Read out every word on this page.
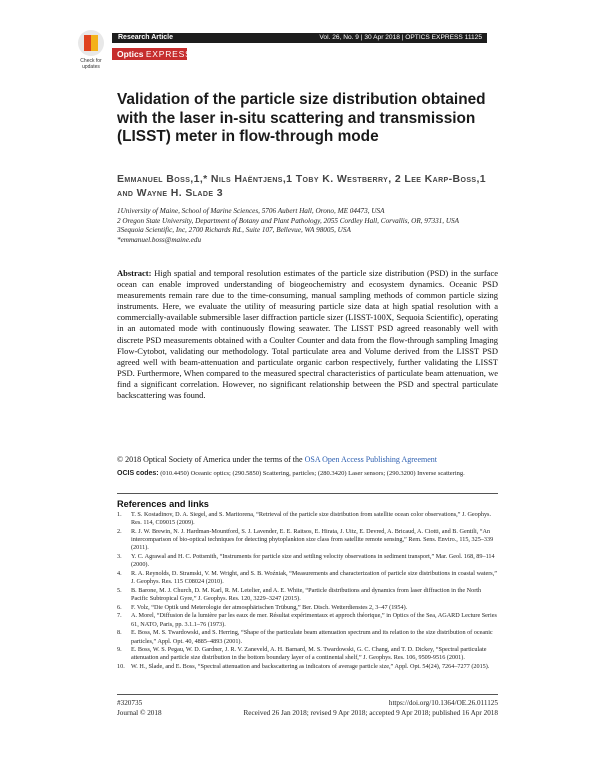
Check for updates
Research Article	Vol. 26, No. 9 | 30 Apr 2018 | OPTICS EXPRESS 11125
Optics EXPRESS
Validation of the particle size distribution obtained with the laser in-situ scattering and transmission (LISST) meter in flow-through mode
Emmanuel Boss,1,* Nils Haëntjens,1 Toby K. Westberry, 2 Lee Karp-Boss,1 and Wayne H. Slade 3

1University of Maine, School of Marine Sciences, 5706 Aubert Hall, Orono, ME 04473, USA

2 Oregon State University, Department of Botany and Plant Pathology, 2055 Cordley Hall, Corvallis, OR, 97331, USA

3Sequoia Scientific, Inc, 2700 Richards Rd., Suite 107, Bellevue, WA 98005, USA

*emmanuel.boss@maine.edu

Abstract: High spatial and temporal resolution estimates of the particle size distribution (PSD) in the surface ocean can enable improved understanding of biogeochemistry and ecosystem dynamics. Oceanic PSD measurements remain rare due to the time-consuming, manual sampling methods of common particle sizing instruments. Here, we evaluate the utility of measuring particle size data at high spatial resolution with a commercially-available submersible laser diffraction particle sizer (LISST-100X, Sequoia Scientific), operating in an automated mode with continuously flowing seawater. The LISST PSD agreed reasonably well with discrete PSD measurements obtained with a Coulter Counter and data from the flow-through sampling Imaging Flow-Cytobot, validating our methodology. Total particulate area and Volume derived from the LISST PSD agreed well with beam-attenuation and particulate organic carbon respectively, further validating the LISST PSD. Furthermore, When compared to the measured spectral characteristics of particulate beam attenuation, we find a significant correlation. However, no significant relationship between the PSD and spectral particulate backscattering was found.
© 2018 Optical Society of America under the terms of the OSA Open Access Publishing Agreement
OCIS codes: (010.4450) Oceanic optics; (290.5850) Scattering, particles; (280.3420) Laser sensors; (290.3200) Inverse scattering.
References and links
1. T. S. Kostadinov, D. A. Siegel, and S. Maritorena, “Retrieval of the particle size distribution from satellite ocean color observations,” J. Geophys. Res. 114, C09015 (2009).
2. R. J. W. Brewin, N. J. Hardman-Mountford, S. J. Lavender, E. E. Raitsos, E. Hirata, J. Uitz, E. Devred, A. Bricaud, A. Ciotti, and B. Gentili, “An intercomparison of bio-optical techniques for detecting phytoplankton size class from satellite remote sensing,” Rem. Sens. Enviro., 115, 325–339 (2011).
3. Y. C. Agrawal and H. C. Pottsmith, “Instruments for particle size and settling velocity observations in sediment transport,” Mar. Geol. 168, 89–114 (2000).
4. R. A. Reynolds, D. Stramski, V. M. Wright, and S. B. Woźniak, “Measurements and characterization of particle size distributions in coastal waters,” J. Geophys. Res. 115 C08024 (2010).
5. B. Barone, M. J. Church, D. M. Karl, R. M. Letelier, and A. E. White, “Particle distributions and dynamics from laser diffraction in the North Pacific Subtropical Gyre,” J. Geophys. Res. 120, 3229–3247 (2015).
6. F. Volz, “Die Optik und Meterologie der atmosphärischen Trübung,” Ber. Dtsch. Wetterdienstes 2, 3–47 (1954).
7. A. Morel, “Diffusion de la lumière par les eaux de mer. Résultat expérimentaux et approch théorique,” in Optics of the Sea, AGARD Lecture Series 61, NATO, Paris, pp. 3.1.1–76 (1973).
8. E. Boss, M. S. Twardowski, and S. Herring, “Shape of the particulate beam attenuation spectrum and its relation to the size distribution of oceanic particles,” Appl. Opt. 40, 4885–4893 (2001).
9. E. Boss, W. S. Pegau, W. D. Gardner, J. R. V. Zaneveld, A. H. Barnard, M. S. Twardowski, G. C. Chang, and T. D. Dickey, “Spectral particulate attenuation and particle size distribution in the bottom boundary layer of a continental shelf,” J. Geophys. Res. 106, 9509-9516 (2001).
10. W. H., Slade, and E. Boss, “Spectral attenuation and backscattering as indicators of average particle size,” Appl. Opt. 54(24), 7264–7277 (2015).
#320735	https://doi.org/10.1364/OE.26.011125
Journal © 2018	Received 26 Jan 2018; revised 9 Apr 2018; accepted 9 Apr 2018; published 16 Apr 2018
